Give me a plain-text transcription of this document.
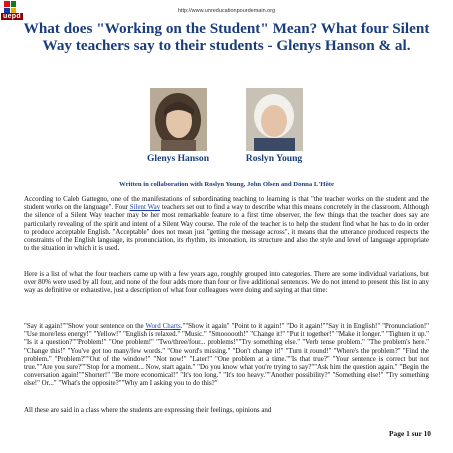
uepd
http://www.unreducationpourdemain.org
What does "Working on the Student" Mean? What four Silent Way teachers say to their students - Glenys Hanson & al.
Glenys Hanson	Roslyn Young
Written in collaboration with Roslyn Young, John Olsen and Donna L'Hôte

According to Caleb Gattegno, one of the manifestations of subordinating teaching to learning is that "the teacher works on the student and the student works on the language". Four Silent Way teachers set out to find a way to describe what this means concretely in the classroom. Although the silence of a Silent Way teacher may be her most remarkable feature to a first time observer, the few things that the teacher does say are particularly revealing of the spirit and intent of a Silent Way course. The role of the teacher is to help the student find what he has to do in order to produce acceptable English. "Acceptable" does not mean just "getting the message across", it means that the utterance produced respects the constraints of the English language, its pronunciation, its rhythm, its intonation, its structure and also the style and level of language appropriate to the situation in which it is used.

Here is a list of what the four teachers came up with a few years ago, roughly grouped into categories. There are some individual variations, but over 80% were used by all four, and none of the four adds more than four or five additional sentences. We do not intend to present this list in any way as definitive or exhaustive, just a description of what four colleagues were doing and saying at that time:

"Say it again!""Show your sentence on the Word Charts.""Show it again" "Point to it again!" "Do it again!""Say it in English!" "Pronunciation!" "Use more/less energy!" "Yellow!" "English is relaxed." "Music." "Smoooooth!" "Change it!" "Put it together!" "Make it longer." "Tighten it up." "Is it a question?""Problem!" "One problem!" "Two/three/four... problems!""Try something else." "Verb tense problem." "The problem's here." "Change this!" "You've got too many/few words." "One word's missing." "Don't change it!" "Turn it round!" "Where's the problem?" "Find the problem." "Problem?""Out of the window!" "Not now!" "Later!" "One problem at a time.""Is that true?" "Your sentence is correct but not true.""Are you sure?""Stop for a moment... Now, start again." "Do you know what you're trying to say?""Ask him the question again." "Begin the conversation again!""Shorter!" "Be more economical!" "It's too long." "It's too heavy.""Another possibility?" "Something else!" "Try something else!" Or..." "What's the opposite?""Why am I asking you to do this?"

All these are said in a class where the students are expressing their feelings, opinions and

Page 1 sur 10
